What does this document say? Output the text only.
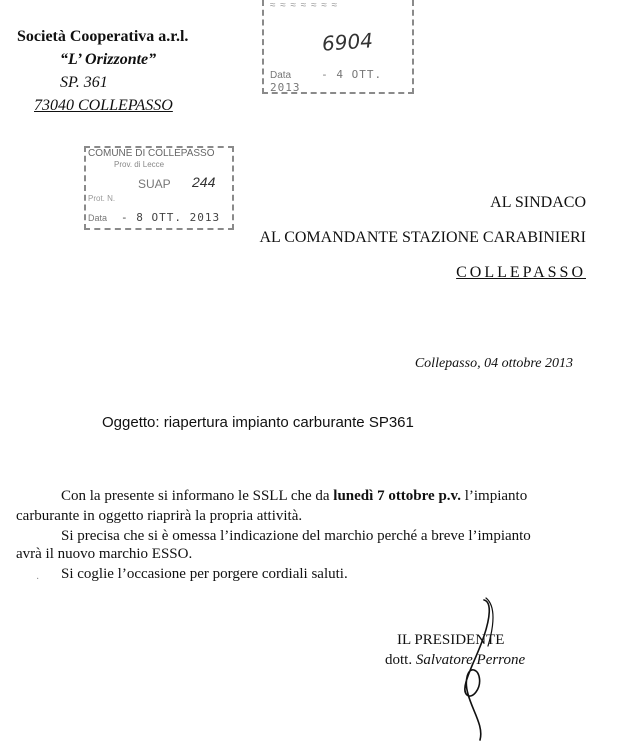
Società Cooperativa a.r.l.
“L’ Orizzonte”
SP. 361
73040 COLLEPASSO
≈ ≈ ≈ ≈ ≈ ≈ ≈
6904
Data	- 4 OTT. 2013
COMUNE DI COLLEPASSO
Prov. di Lecce
SUAP 244
Prot. N.
Data - 8 OTT. 2013
AL SINDACO
AL COMANDANTE STAZIONE CARABINIERI
COLLEPASSO
Collepasso, 04 ottobre 2013
Oggetto: riapertura impianto carburante SP361
Con la presente si informano le SSLL che da lunedì 7 ottobre p.v. l’impianto
carburante in oggetto riaprirà la propria attività.
Si precisa che si è omessa l’indicazione del marchio perché a breve l’impianto
avrà il nuovo marchio ESSO.
Si coglie l’occasione per porgere cordiali saluti.
·
IL PRESIDENTE
dott. Salvatore Perrone
